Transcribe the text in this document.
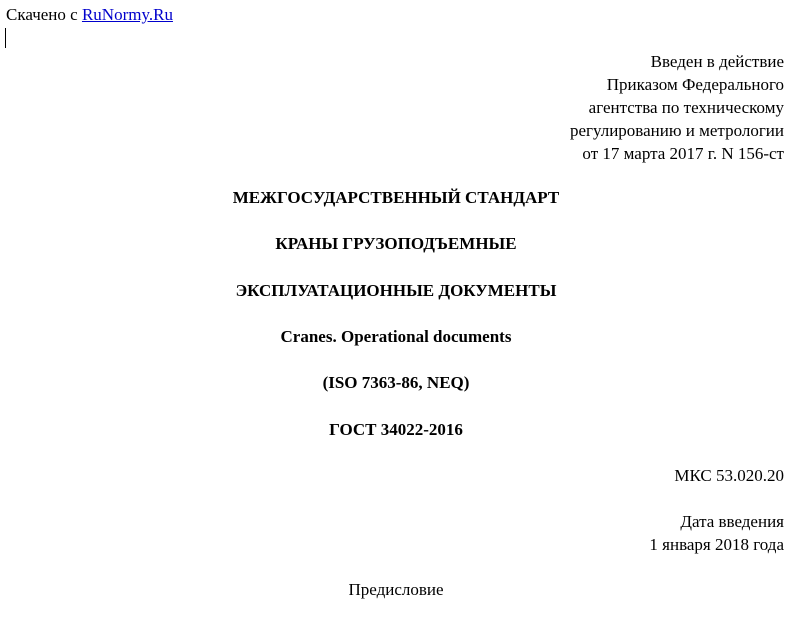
Скачено с RuNormy.Ru
Введен в действие
Приказом Федерального
агентства по техническому
регулированию и метрологии
от 17 марта 2017 г. N 156-ст
МЕЖГОСУДАРСТВЕННЫЙ СТАНДАРТ
КРАНЫ ГРУЗОПОДЪЕМНЫЕ
ЭКСПЛУАТАЦИОННЫЕ ДОКУМЕНТЫ
Cranes. Operational documents
(ISO 7363-86, NEQ)
ГОСТ 34022-2016
МКС 53.020.20
Дата введения
1 января 2018 года
Предисловие
